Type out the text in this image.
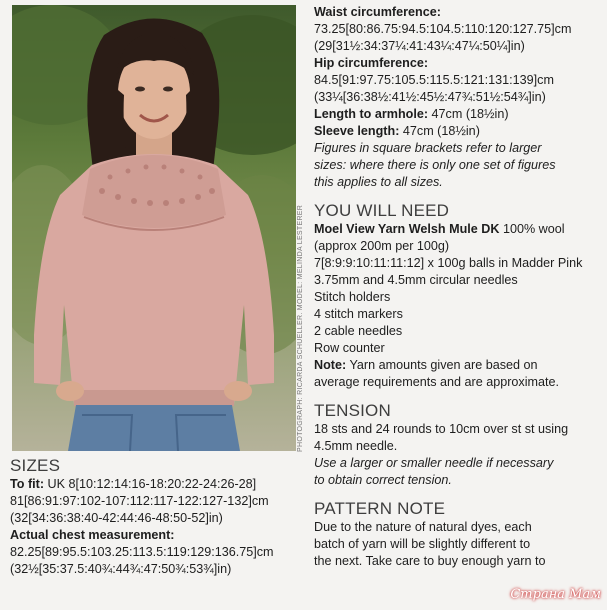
PHOTOGRAPH: RICARDA SCHUELLER. MODEL: MELINDA LESTERER
Waist circumference:
73.25[80:86.75:94.5:104.5:110:120:127.75]cm
(29[31½:34:37¼:41:43¼:47¼:50¼]in)
Hip circumference:
84.5[91:97.75:105.5:115.5:121:131:139]cm
(33¼[36:38½:41½:45½:47¾:51½:54¾]in)
Length to armhole: 47cm (18½in)
Sleeve length: 47cm (18½in)
Figures in square brackets refer to larger
sizes: where there is only one set of figures
this applies to all sizes.
YOU WILL NEED
Moel View Yarn Welsh Mule DK 100% wool
(approx 200m per 100g)
7[8:9:9:10:11:11:12] x 100g balls in Madder Pink
3.75mm and 4.5mm circular needles
Stitch holders
4 stitch markers
2 cable needles
Row counter
Note: Yarn amounts given are based on
average requirements and are approximate.
TENSION
18 sts and 24 rounds to 10cm over st st using
4.5mm needle.
Use a larger or smaller needle if necessary
to obtain correct tension.
PATTERN NOTE
Due to the nature of natural dyes, each
batch of yarn will be slightly different to
the next. Take care to buy enough yarn to
SIZES
To fit: UK 8[10:12:14:16-18:20:22-24:26-28]
81[86:91:97:102-107:112:117-122:127-132]cm
(32[34:36:38:40-42:44:46-48:50-52]in)
Actual chest measurement:
82.25[89:95.5:103.25:113.5:119:129:136.75]cm
(32½[35:37.5:40¾:44¾:47:50¾:53¾]in)
Страна Мам
